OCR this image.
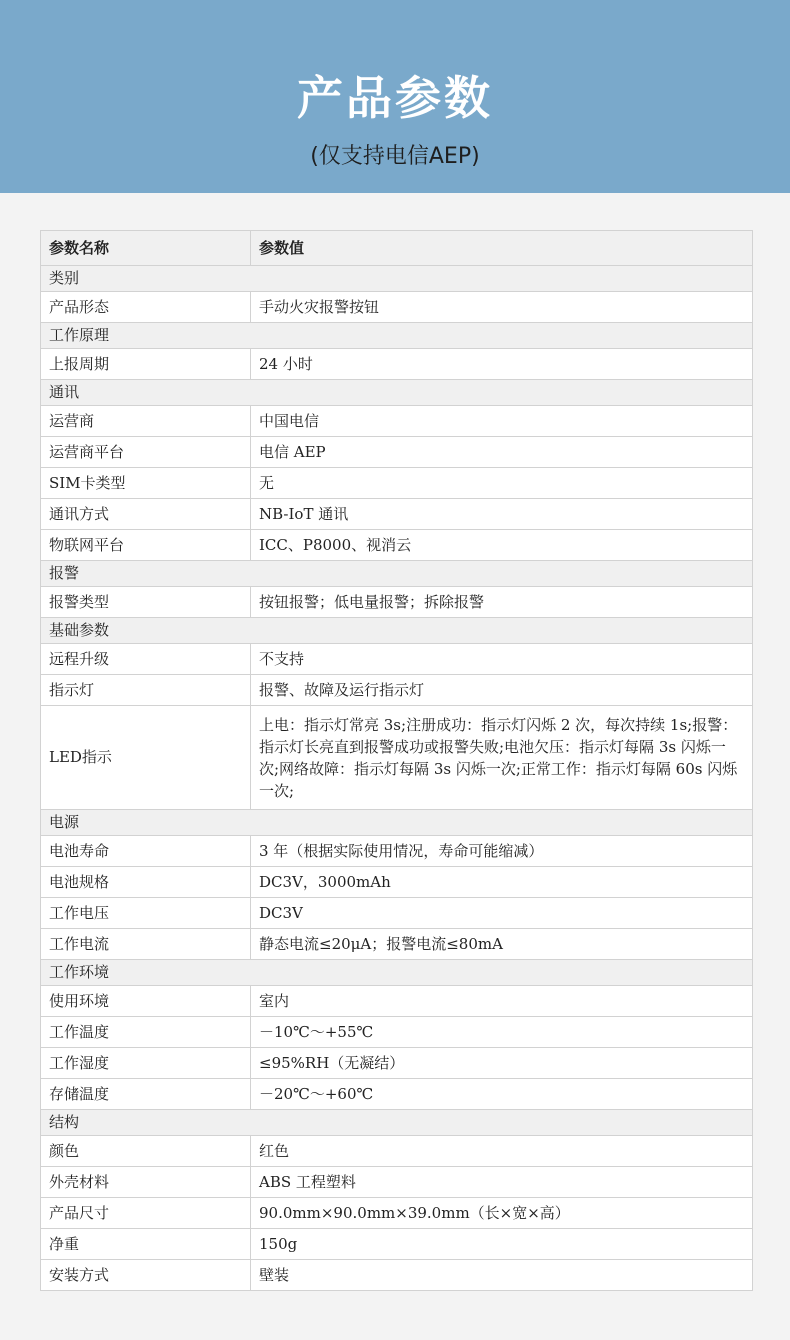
产品参数
(仅支持电信AEP)
参数名称	参数值
类别	
产品形态	手动火灾报警按钮
工作原理	
上报周期	24 小时
通讯	
运营商	中国电信
运营商平台	电信 AEP
SIM卡类型	无
通讯方式	NB-IoT 通讯
物联网平台	ICC、P8000、视消云
报警	
报警类型	按钮报警；低电量报警；拆除报警
基础参数	
远程升级	不支持
指示灯	报警、故障及运行指示灯
LED指示	上电：指示灯常亮 3s;注册成功：指示灯闪烁 2 次，每次持续 1s;报警：指示灯长亮直到报警成功或报警失败;电池欠压：指示灯每隔 3s 闪烁一次;网络故障：指示灯每隔 3s 闪烁一次;正常工作：指示灯每隔 60s 闪烁一次;
电源	
电池寿命	3 年（根据实际使用情况，寿命可能缩减）
电池规格	DC3V，3000mAh
工作电压	DC3V
工作电流	静态电流≤20μA；报警电流≤80mA
工作环境	
使用环境	室内
工作温度	－10℃～+55℃
工作湿度	≤95%RH（无凝结）
存储温度	－20℃～+60℃
结构	
颜色	红色
外壳材料	ABS 工程塑料
产品尺寸	90.0mm×90.0mm×39.0mm（长×宽×高）
净重	150g
安装方式	壁装
